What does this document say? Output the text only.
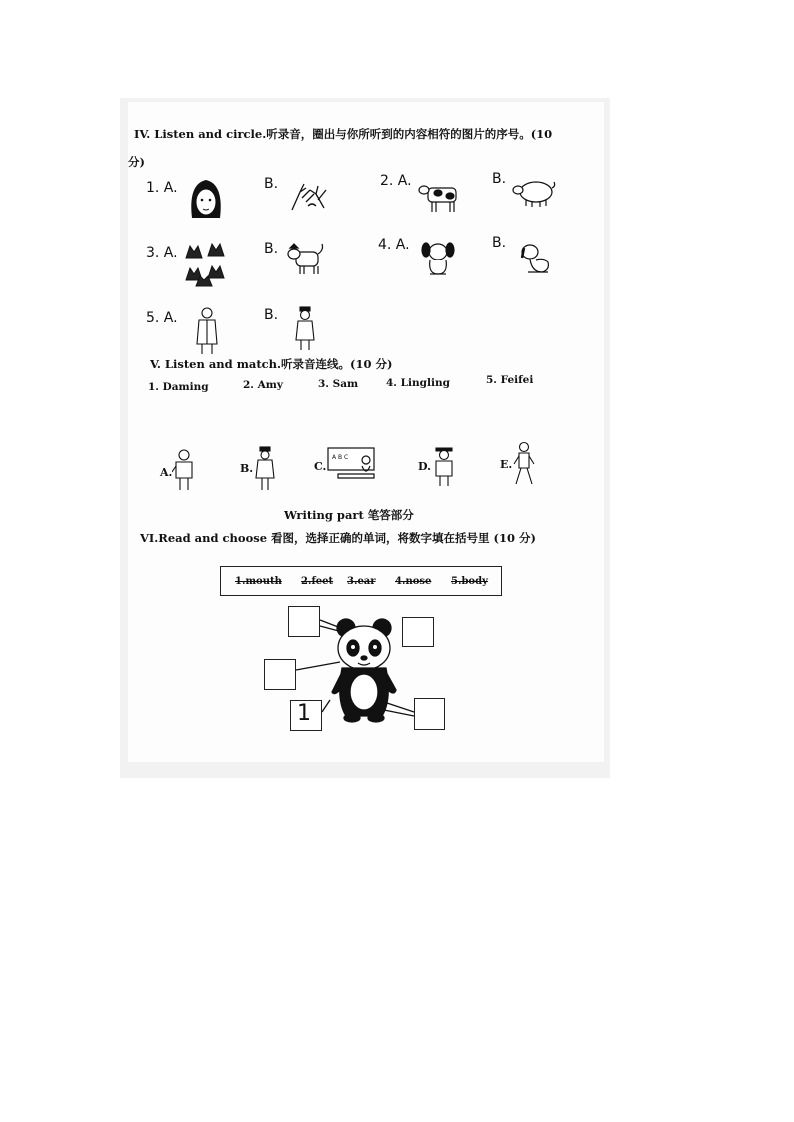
IV. Listen and circle.听录音，圈出与你所听到的内容相符的图片的序号。(10
分)
1. A.	B.	2. A.	B.
3. A.	B.	4. A.	B.
5. A.	B.
V. Listen and match.听录音连线。(10 分)
1. Daming	2. Amy	3. Sam	4. Lingling	5. Feifei
A.	B.	C.
A B C
D.	E.
Writing part 笔答部分
VI.Read and choose 看图，选择正确的单词，将数字填在括号里 (10 分)
1.mouth 2.feet 3.ear 4.nose 5.body
1
